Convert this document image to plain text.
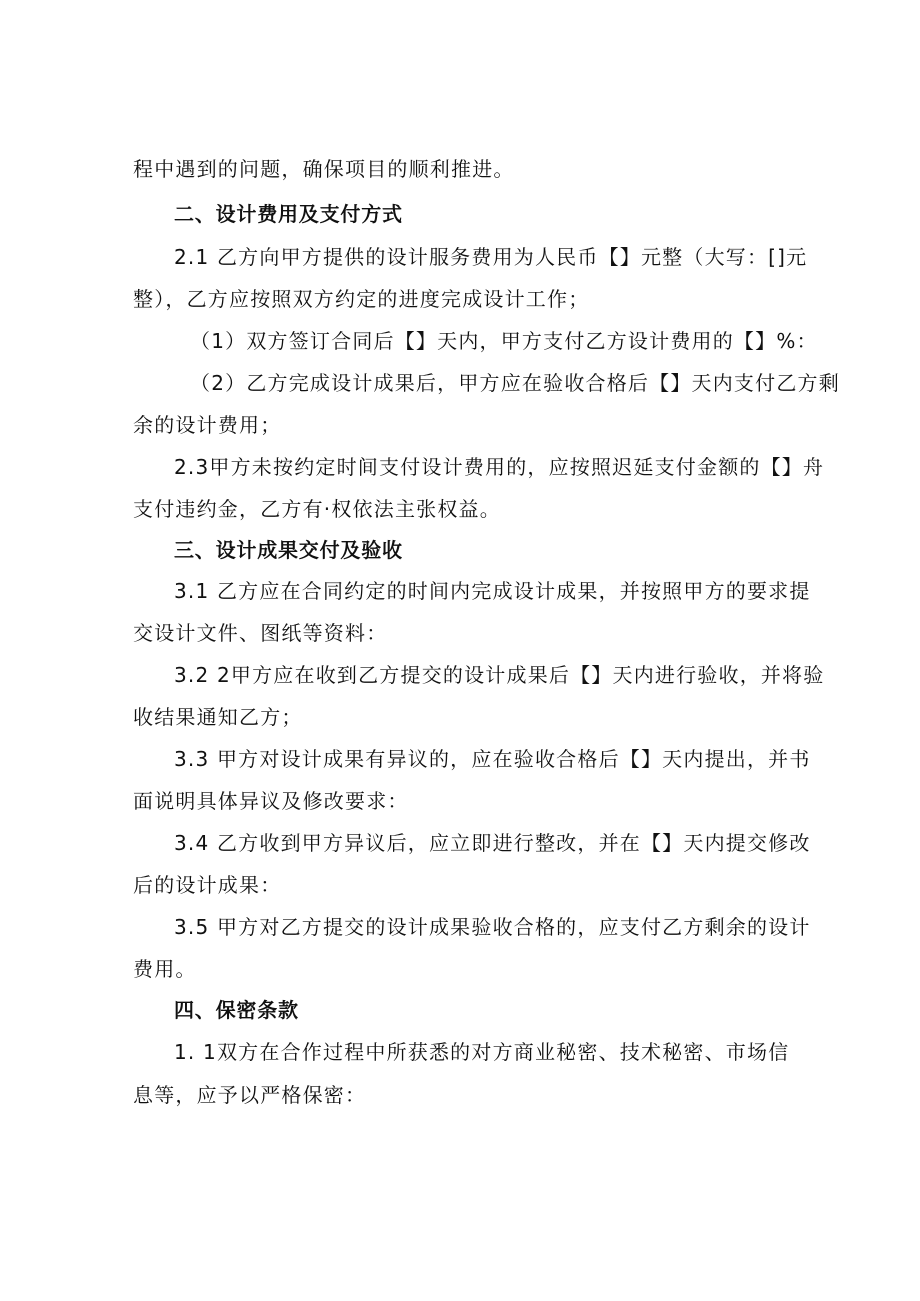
程中遇到的问题，确保项目的顺利推进。
二、设计费用及支付方式
2.1 乙方向甲方提供的设计服务费用为人民币【】元整（大写：[]元
整），乙方应按照双方约定的进度完成设计工作；
（1）双方签订合同后【】天内，甲方支付乙方设计费用的【】%：
（2）乙方完成设计成果后，甲方应在验收合格后【】天内支付乙方剩
余的设计费用；
2.3甲方未按约定时间支付设计费用的，应按照迟延支付金额的【】舟
支付违约金，乙方有·权依法主张权益。
三、设计成果交付及验收
3.1 乙方应在合同约定的时间内完成设计成果，并按照甲方的要求提
交设计文件、图纸等资料：
3.2 2甲方应在收到乙方提交的设计成果后【】天内进行验收，并将验
收结果通知乙方；
3.3 甲方对设计成果有异议的，应在验收合格后【】天内提出，并书
面说明具体异议及修改要求：
3.4 乙方收到甲方异议后，应立即进行整改，并在【】天内提交修改
后的设计成果：
3.5 甲方对乙方提交的设计成果验收合格的，应支付乙方剩余的设计
费用。
四、保密条款
1. 1双方在合作过程中所获悉的对方商业秘密、技术秘密、市场信
息等，应予以严格保密：
